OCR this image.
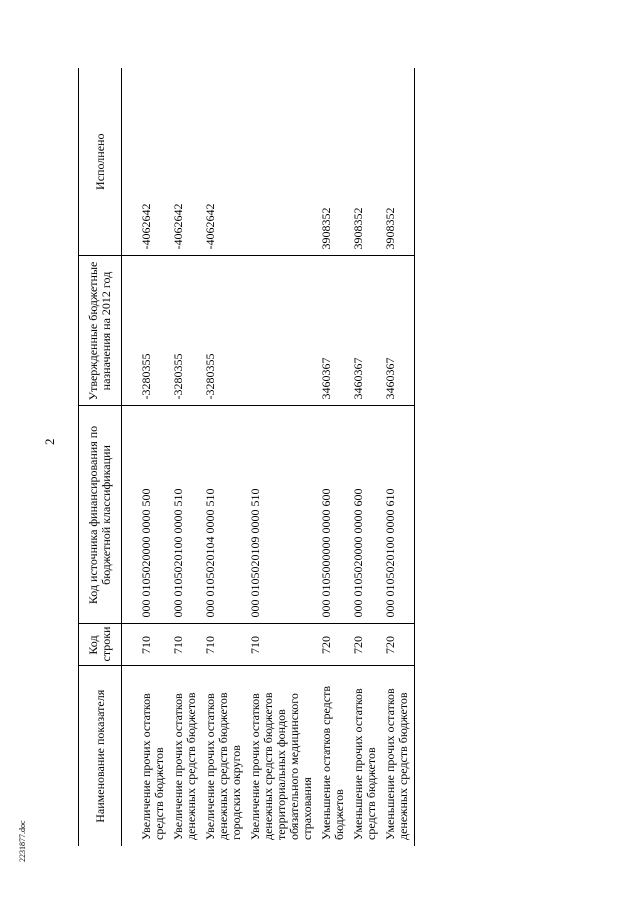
2
Наименование показателя	Код строки	Код источника финансирования по бюджетной классификации	Утвержденные бюджетные назначения на 2012 год	Исполнено
Увеличение прочих остатков средств бюджетов	710	000 0105020000 0000 500	-3280355	-4062642
Увеличение прочих остатков денежных средств бюджетов	710	000 0105020100 0000 510	-3280355	-4062642
Увеличение прочих остатков денежных средств бюджетов городских округов	710	000 0105020104 0000 510	-3280355	-4062642
Увеличение прочих остатков денежных средств бюджетов территориальных фондов обязательного медицинского страхования	710	000 0105020109 0000 510		
Уменьшение остатков средств бюджетов	720	000 0105000000 0000 600	3460367	3908352
Уменьшение прочих остатков средств бюджетов	720	000 0105020000 0000 600	3460367	3908352
Уменьшение прочих остатков денежных средств бюджетов	720	000 0105020100 0000 610	3460367	3908352
2231877.doc
